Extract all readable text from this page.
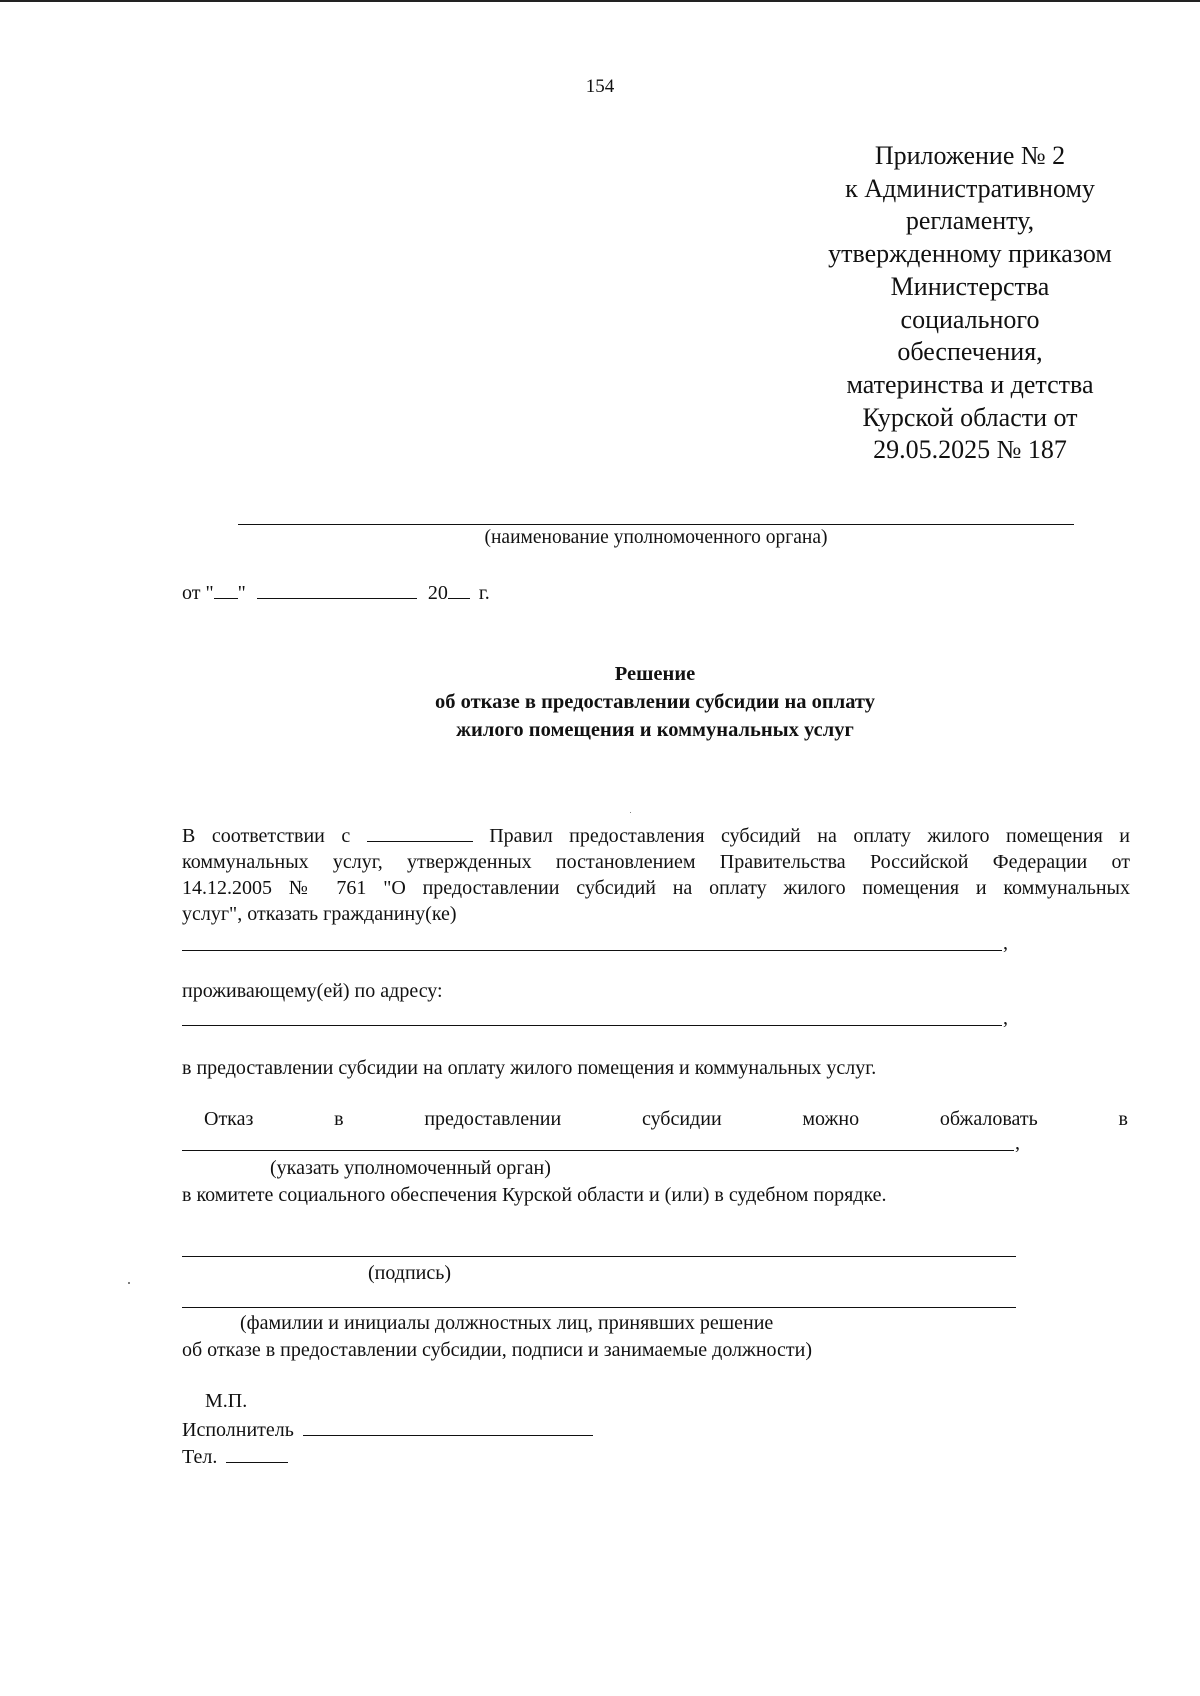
154
Приложение № 2
к Административному
регламенту,
утвержденному приказом
Министерства
социального
обеспечения,
материнства и детства
Курской области от
29.05.2025 № 187
(наименование уполномоченного органа)
от " "	20 г.
Решение
об отказе в предоставлении субсидии на оплату
жилого помещения и коммунальных услуг
В соответствии с	Правил предоставления субсидий на оплату жилого помещения и
коммунальных услуг, утвержденных постановлением Правительства Российской Федерации от
14.12.2005 № 761 "О предоставлении субсидий на оплату жилого помещения и коммунальных
услуг", отказать гражданину(ке)
,
проживающему(ей) по адресу:
,
в предоставлении субсидии на оплату жилого помещения и коммунальных услуг.
Отказ	в	предоставлении	субсидии	можно	обжаловать	в
,
(указать уполномоченный орган)
в комитете социального обеспечения Курской области и (или) в судебном порядке.
(подпись)
(фамилии и инициалы должностных лиц, принявших решение
об отказе в предоставлении субсидии, подписи и занимаемые должности)
М.П.
Исполнитель
Тел.
